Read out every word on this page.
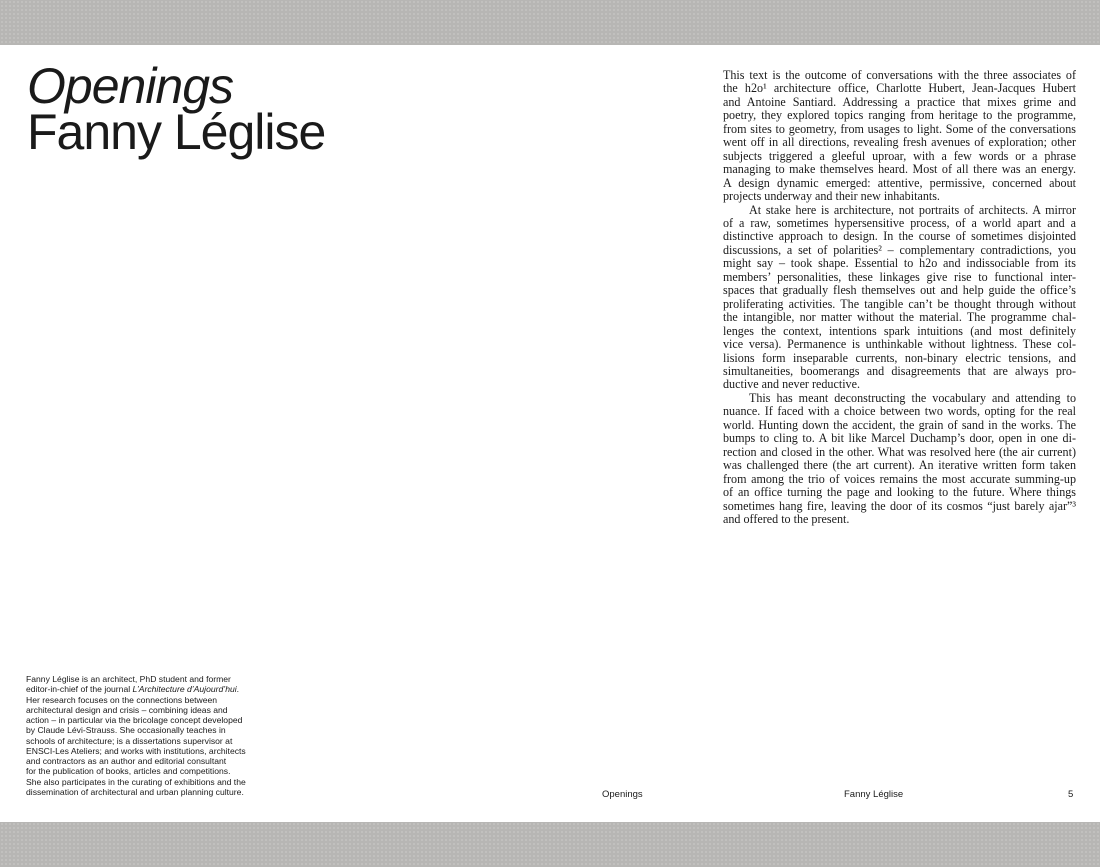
Openings
Fanny Léglise
Fanny Léglise is an architect, PhD student and former
editor-in-chief of the journal L’Architecture d’Aujourd’hui.
Her research focuses on the connections between
architectural design and crisis – combining ideas and
action – in particular via the bricolage concept developed
by Claude Lévi-Strauss. She occasionally teaches in
schools of architecture; is a dissertations supervisor at
ENSCI-Les Ateliers; and works with institutions, architects
and contractors as an author and editorial consultant
for the publication of books, articles and competitions.
She also participates in the curating of exhibitions and the
dissemination of architectural and urban planning culture.
This text is the outcome of conversations with the three associates of
the h2o¹ architecture office, Charlotte Hubert, Jean-Jacques Hubert
and Antoine Santiard. Addressing a practice that mixes grime and
poetry, they explored topics ranging from heritage to the programme,
from sites to geometry, from usages to light. Some of the conversations
went off in all directions, revealing fresh avenues of exploration; other
subjects triggered a gleeful uproar, with a few words or a phrase
managing to make themselves heard. Most of all there was an energy.
A design dynamic emerged: attentive, permissive, concerned about
projects underway and their new inhabitants.
At stake here is architecture, not portraits of architects. A mirror
of a raw, sometimes hypersensitive process, of a world apart and a
distinctive approach to design. In the course of sometimes disjointed
discussions, a set of polarities² – complementary contradictions, you
might say – took shape. Essential to h2o and indissociable from its
members’ personalities, these linkages give rise to functional inter-
spaces that gradually flesh themselves out and help guide the office’s
proliferating activities. The tangible can’t be thought through without
the intangible, nor matter without the material. The programme chal-
lenges the context, intentions spark intuitions (and most definitely
vice versa). Permanence is unthinkable without lightness. These col-
lisions form inseparable currents, non-binary electric tensions, and
simultaneities, boomerangs and disagreements that are always pro-
ductive and never reductive.
This has meant deconstructing the vocabulary and attending to
nuance. If faced with a choice between two words, opting for the real
world. Hunting down the accident, the grain of sand in the works. The
bumps to cling to. A bit like Marcel Duchamp’s door, open in one di-
rection and closed in the other. What was resolved here (the air current)
was challenged there (the art current). An iterative written form taken
from among the trio of voices remains the most accurate summing-up
of an office turning the page and looking to the future. Where things
sometimes hang fire, leaving the door of its cosmos “just barely ajar”³
and offered to the present.
Openings	Fanny Léglise	5
